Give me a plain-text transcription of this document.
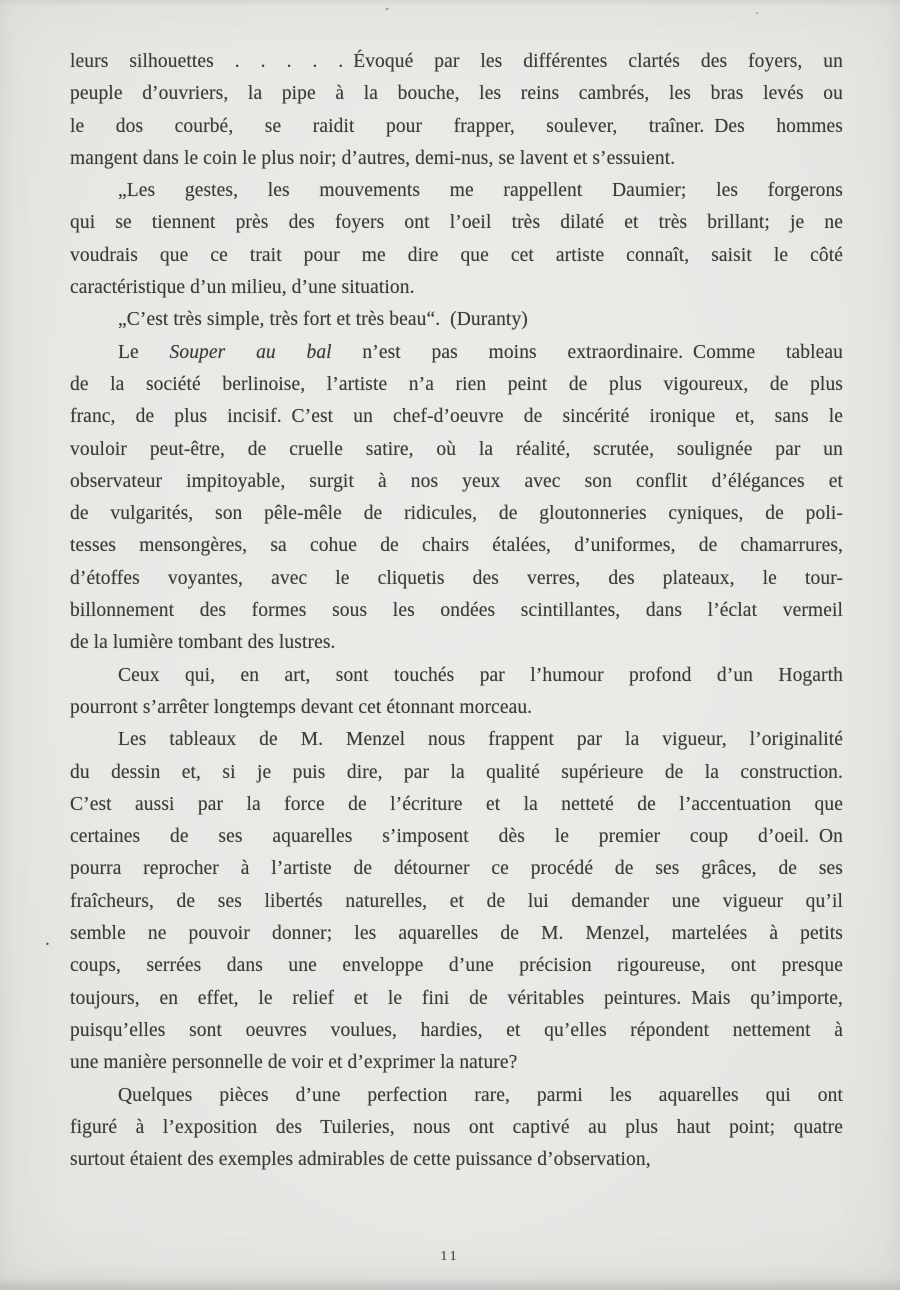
leurs silhouettes . . . . . Évoqué par les différentes clartés des foyers, un
peuple d’ouvriers, la pipe à la bouche, les reins cambrés, les bras levés ou
le dos courbé, se raidit pour frapper, soulever, traîner. Des hommes
mangent dans le coin le plus noir; d’autres, demi-nus, se lavent et s’essuient.
„Les gestes, les mouvements me rappellent Daumier; les forgerons
qui se tiennent près des foyers ont l’oeil très dilaté et très brillant; je ne
voudrais que ce trait pour me dire que cet artiste connaît, saisit le côté
caractéristique d’un milieu, d’une situation.
„C’est très simple, très fort et très beau“. (Duranty)
Le Souper au bal n’est pas moins extraordinaire. Comme tableau
de la société berlinoise, l’artiste n’a rien peint de plus vigoureux, de plus
franc, de plus incisif. C’est un chef-d’oeuvre de sincérité ironique et, sans le
vouloir peut-être, de cruelle satire, où la réalité, scrutée, soulignée par un
observateur impitoyable, surgit à nos yeux avec son conflit d’élégances et
de vulgarités, son pêle-mêle de ridicules, de gloutonneries cyniques, de poli-
tesses mensongères, sa cohue de chairs étalées, d’uniformes, de chamarrures,
d’étoffes voyantes, avec le cliquetis des verres, des plateaux, le tour-
billonnement des formes sous les ondées scintillantes, dans l’éclat vermeil
de la lumière tombant des lustres.
Ceux qui, en art, sont touchés par l’humour profond d’un Hogarth
pourront s’arrêter longtemps devant cet étonnant morceau.
Les tableaux de M. Menzel nous frappent par la vigueur, l’originalité
du dessin et, si je puis dire, par la qualité supérieure de la construction.
C’est aussi par la force de l’écriture et la netteté de l’accentuation que
certaines de ses aquarelles s’imposent dès le premier coup d’oeil. On
pourra reprocher à l’artiste de détourner ce procédé de ses grâces, de ses
fraîcheurs, de ses libertés naturelles, et de lui demander une vigueur qu’il
semble ne pouvoir donner; les aquarelles de M. Menzel, martelées à petits
coups, serrées dans une enveloppe d’une précision rigoureuse, ont presque
toujours, en effet, le relief et le fini de véritables peintures. Mais qu’importe,
puisqu’elles sont oeuvres voulues, hardies, et qu’elles répondent nettement à
une manière personnelle de voir et d’exprimer la nature?
Quelques pièces d’une perfection rare, parmi les aquarelles qui ont
figuré à l’exposition des Tuileries, nous ont captivé au plus haut point; quatre
surtout étaient des exemples admirables de cette puissance d’observation,
.
11
